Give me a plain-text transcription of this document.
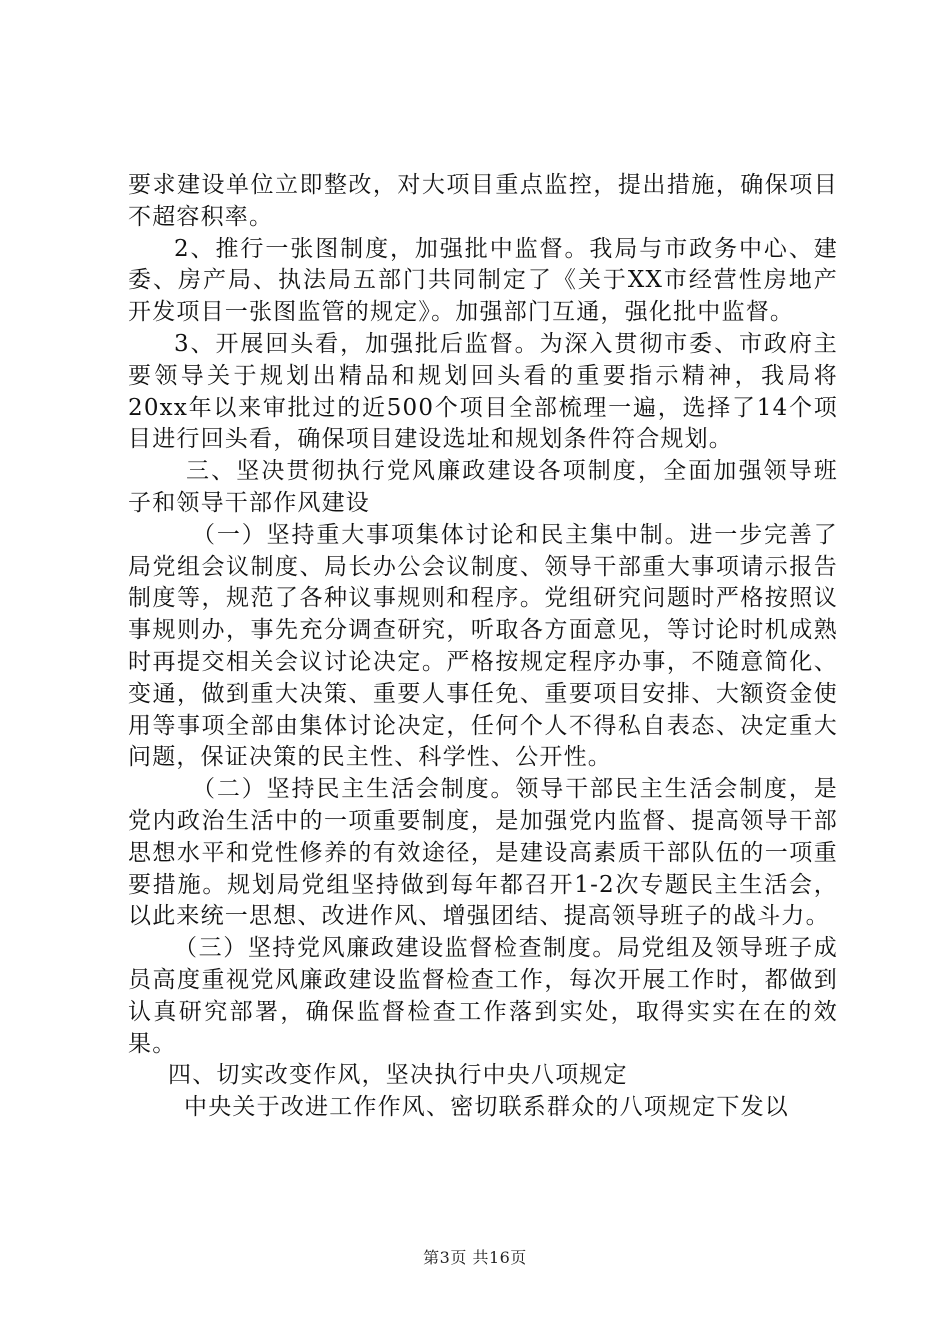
要求建设单位立即整改，对大项目重点监控，提出措施，确保项目不超容积率。

2、推行一张图制度，加强批中监督。我局与市政务中心、建委、房产局、执法局五部门共同制定了《关于XX市经营性房地产开发项目一张图监管的规定》。加强部门互通，强化批中监督。

3、开展回头看，加强批后监督。为深入贯彻市委、市政府主要领导关于规划出精品和规划回头看的重要指示精神，我局将20xx年以来审批过的近500个项目全部梳理一遍，选择了14个项目进行回头看，确保项目建设选址和规划条件符合规划。

三、坚决贯彻执行党风廉政建设各项制度，全面加强领导班子和领导干部作风建设

（一）坚持重大事项集体讨论和民主集中制。进一步完善了局党组会议制度、局长办公会议制度、领导干部重大事项请示报告制度等，规范了各种议事规则和程序。党组研究问题时严格按照议事规则办，事先充分调查研究，听取各方面意见，等讨论时机成熟时再提交相关会议讨论决定。严格按规定程序办事，不随意简化、变通，做到重大决策、重要人事任免、重要项目安排、大额资金使用等事项全部由集体讨论决定，任何个人不得私自表态、决定重大问题，保证决策的民主性、科学性、公开性。

（二）坚持民主生活会制度。领导干部民主生活会制度，是党内政治生活中的一项重要制度，是加强党内监督、提高领导干部思想水平和党性修养的有效途径，是建设高素质干部队伍的一项重要措施。规划局党组坚持做到每年都召开1-2次专题民主生活会，以此来统一思想、改进作风、增强团结、提高领导班子的战斗力。

（三）坚持党风廉政建设监督检查制度。局党组及领导班子成员高度重视党风廉政建设监督检查工作，每次开展工作时，都做到认真研究部署，确保监督检查工作落到实处，取得实实在在的效果。

四、切实改变作风，坚决执行中央八项规定

中央关于改进工作作风、密切联系群众的八项规定下发以

第3页 共16页
